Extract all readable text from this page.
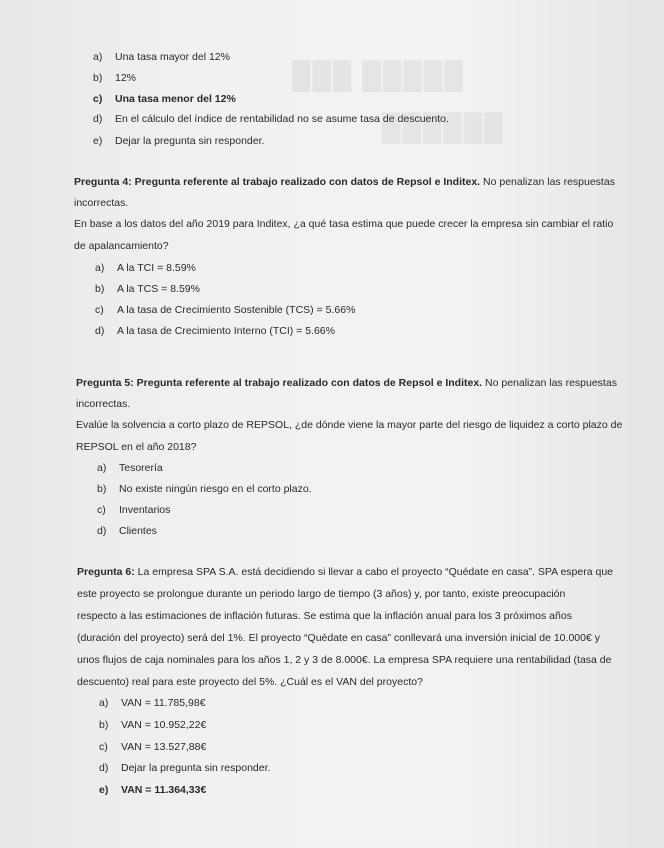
█████ ███
██████
a) Una tasa mayor del 12%
b) 12%
c) Una tasa menor del 12%
d) En el cálculo del índice de rentabilidad no se asume tasa de descuento.
e) Dejar la pregunta sin responder.
Pregunta 4: Pregunta referente al trabajo realizado con datos de Repsol e Inditex. No penalizan las respuestas
incorrectas.
En base a los datos del año 2019 para Inditex, ¿a qué tasa estima que puede crecer la empresa sin cambiar el ratio
de apalancamiento?
a) A la TCI = 8.59%
b) A la TCS = 8.59%
c) A la tasa de Crecimiento Sostenible (TCS) = 5.66%
d) A la tasa de Crecimiento Interno (TCI) = 5.66%
Pregunta 5: Pregunta referente al trabajo realizado con datos de Repsol e Inditex. No penalizan las respuestas
incorrectas.
Evalúe la solvencia a corto plazo de REPSOL, ¿de dónde viene la mayor parte del riesgo de liquidez a corto plazo de
REPSOL en el año 2018?
a) Tesorería
b) No existe ningún riesgo en el corto plazo.
c) Inventarios
d) Clientes
Pregunta 6: La empresa SPA S.A. está decidiendo si llevar a cabo el proyecto “Quédate en casa”. SPA espera que
este proyecto se prolongue durante un periodo largo de tiempo (3 años) y, por tanto, existe preocupación
respecto a las estimaciones de inflación futuras. Se estima que la inflación anual para los 3 próximos años
(duración del proyecto) será del 1%. El proyecto “Quédate en casa” conllevará una inversión inicial de 10.000€ y
unos flujos de caja nominales para los años 1, 2 y 3 de 8.000€. La empresa SPA requiere una rentabilidad (tasa de
descuento) real para este proyecto del 5%. ¿Cuál es el VAN del proyecto?
a) VAN = 11.785,98€
b) VAN = 10.952,22€
c) VAN = 13.527,88€
d) Dejar la pregunta sin responder.
e) VAN = 11.364,33€
